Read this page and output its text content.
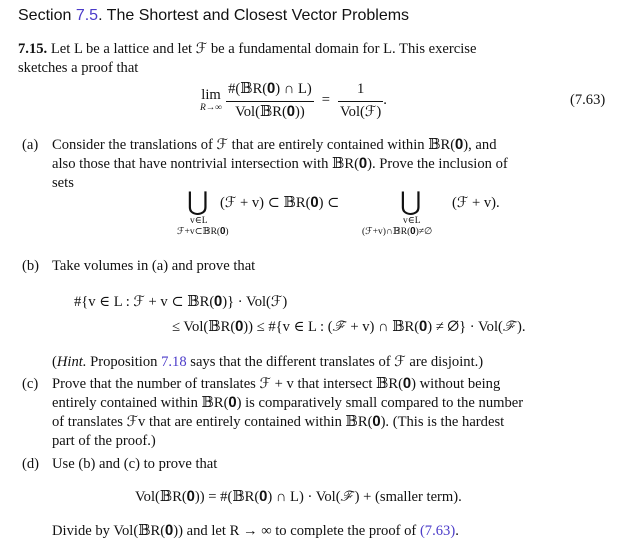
Section 7.5. The Shortest and Closest Vector Problems
7.15. Let L be a lattice and let ℱ be a fundamental domain for L. This exercise
sketches a proof that
lim
$R\to\infty \frac{\text{\#(𝔹R(𝟎) ∩ L)}}{\text{Vol(𝔹R(𝟎))}} = \frac{1}{\text{Vol(ℱ)}}$ .	(7.63)
(a) Consider the translations of ℱ that are entirely contained within 𝔹R(𝟎), and
also those that have nontrivial intersection with 𝔹R(𝟎). Prove the inclusion of
sets
⋃
v∈L
ℱ+v⊂𝔹R(𝟎)
(ℱ + v) ⊂ 𝔹R(𝟎) ⊂ ⋃
v∈L
(ℱ+v)∩𝔹R(𝟎)≠∅
(ℱ + v).
(b) Take volumes in (a) and prove that
#{v ∈ L : ℱ + v ⊂ 𝔹R(𝟎)} · Vol(ℱ)
≤ Vol(𝔹R(𝟎)) ≤ #{v ∈ L : (ℱ + v) ∩ 𝔹R(𝟎) ≠ ∅} · Vol(ℱ).
(Hint. Proposition 7.18 says that the different translates of ℱ are disjoint.)
(c) Prove that the number of translates ℱ + v that intersect 𝔹R(𝟎) without being
entirely contained within 𝔹R(𝟎) is comparatively small compared to the number
of translates ℱv that are entirely contained within 𝔹R(𝟎). (This is the hardest
part of the proof.)
(d) Use (b) and (c) to prove that
Vol(𝔹R(𝟎)) = #(𝔹R(𝟎) ∩ L) · Vol(ℱ) + (smaller term).
Divide by Vol(𝔹R(𝟎)) and let R → ∞ to complete the proof of (7.63).
